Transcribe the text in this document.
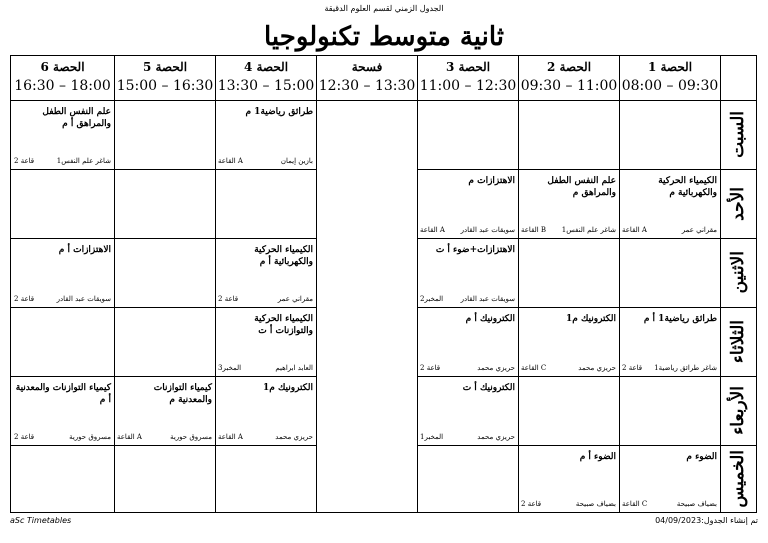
الجدول الزمني لقسم العلوم الدقيقة
ثانية متوسط تكنولوجيا
الحصة 1
08:00 – 09:30
الحصة 2
09:30 – 11:00
الحصة 3
11:00 – 12:30
فسحة
12:30 – 13:30
الحصة 4
13:30 – 15:00
الحصة 5
15:00 – 16:30
الحصة 6
16:30 – 18:00
السبت
الأحد
الاثنين
الثلاثاء
الأربعاء
الخميس
علم النفس الطفل والمراهق أ م
شاغر علم النفس1
قاعة 2
طرائق رياضية1 م
بازين إيمان
A القاعة
الكيمياء الحركية والكهربائية م
مقراني عمر
A القاعة
علم النفس الطفل والمراهق م
شاغر علم النفس1
B القاعة
الاهتزازات م
سويقات عبد القادر
A القاعة
الاهتزازات+ضوء أ ت
سويقات عبد القادر
المخبر2
الكيمياء الحركية والكهربائية أ م
مقراني عمر
قاعة 2
الاهتزازات أ م
سويقات عبد القادر
قاعة 2
طرائق رياضية1 أ م
شاغر طرائق رياضية1
قاعة 2
الكترونيك م1
حريزي محمد
C القاعة
الكترونيك أ م
حريزي محمد
قاعة 2
الكيمياء الحركية والتوازنات أ ت
العابد ابراهيم
المخبر3
الكترونيك أ ت
حريزي محمد
المخبر1
الكترونيك م1
حريزي محمد
A القاعة
كيمياء التوازنات والمعدنية م
مسروق حورية
A القاعة
كيمياء التوازنات والمعدنية أ م
مسروق حورية
قاعة 2
الضوء م
بضياف صبيحة
C القاعة
الضوء أ م
بضياف صبيحة
قاعة 2
aSc Timetables	تم إنشاء الجدول:04/09/2023
